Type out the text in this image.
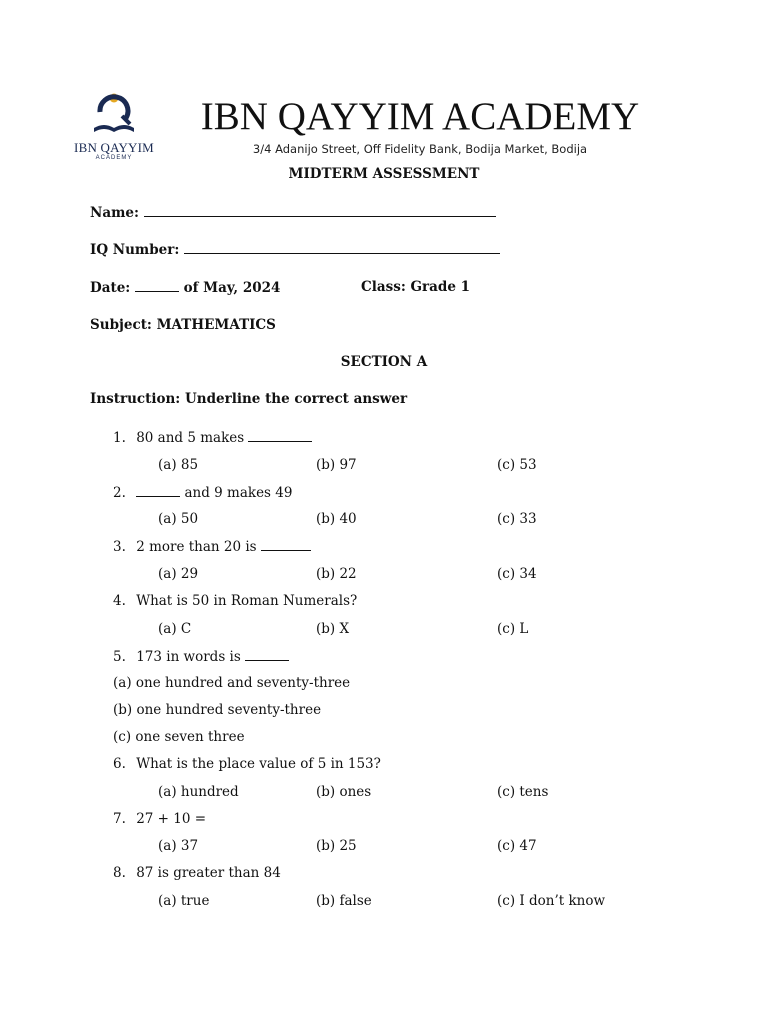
IBN QAYYIM
ACADEMY
IBN QAYYIM ACADEMY
3/4 Adanijo Street, Off Fidelity Bank, Bodija Market, Bodija
MIDTERM ASSESSMENT
Name:
IQ Number:
Date:	of May, 2024	Class: Grade 1
Subject: MATHEMATICS
SECTION A
Instruction: Underline the correct answer
1. 80 and 5 makes
(a) 85	(b) 97	(c) 53
2.	and 9 makes 49
(a) 50	(b) 40	(c) 33
3. 2 more than 20 is
(a) 29	(b) 22	(c) 34
4. What is 50 in Roman Numerals?
(a) C	(b) X	(c) L
5. 173 in words is
(a) one hundred and seventy-three
(b) one hundred seventy-three
(c) one seven three
6. What is the place value of 5 in 153?
(a) hundred	(b) ones	(c) tens
7. 27 + 10 =
(a) 37	(b) 25	(c) 47
8. 87 is greater than 84
(a) true	(b) false	(c) I don’t know
